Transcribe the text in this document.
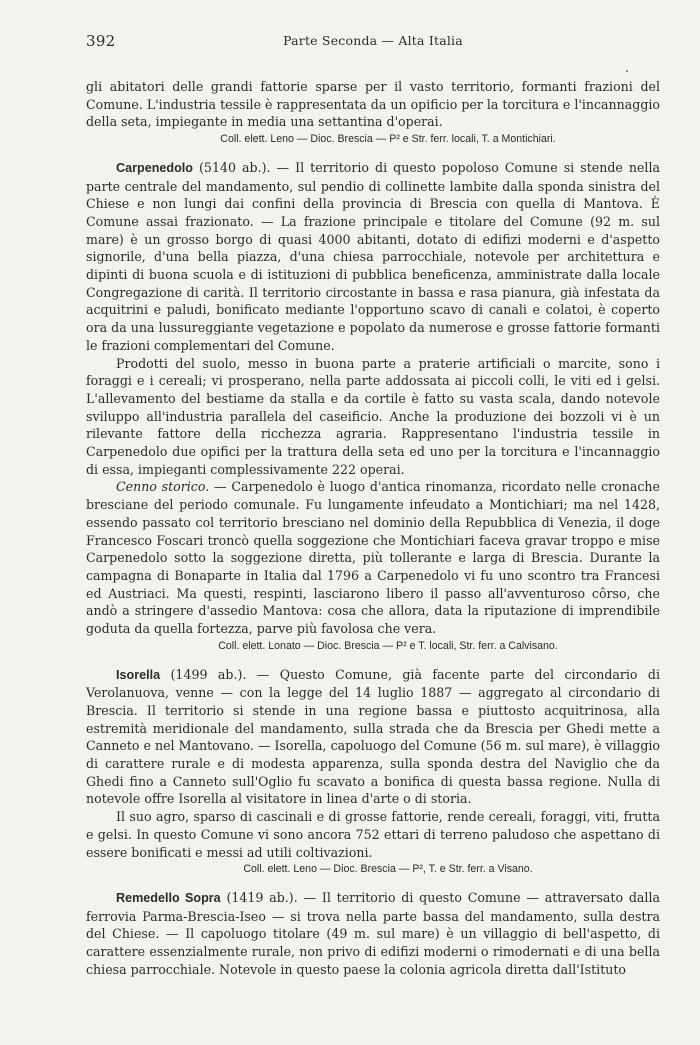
392	Parte Seconda — Alta Italia

gli abitatori delle grandi fattorie sparse per il vasto territorio, formanti frazioni del Comune. L'industria tessile è rappresentata da un opificio per la torcitura e l'incannaggio della seta, impiegante in media una settantina d'operai.

Coll. elett. Leno — Dioc. Brescia — P² e Str. ferr. locali, T. a Montichiari.

Carpenedolo (5140 ab.). — Il territorio di questo popoloso Comune si stende nella parte centrale del mandamento, sul pendio di collinette lambite dalla sponda sinistra del Chiese e non lungi dai confini della provincia di Brescia con quella di Mantova. È Comune assai frazionato. — La frazione principale e titolare del Comune (92 m. sul mare) è un grosso borgo di quasi 4000 abitanti, dotato di edifizi moderni e d'aspetto signorile, d'una bella piazza, d'una chiesa parrocchiale, notevole per architettura e dipinti di buona scuola e di istituzioni di pubblica beneficenza, amministrate dalla locale Congregazione di carità. Il territorio circostante in bassa e rasa pianura, già infestata da acquitrini e paludi, bonificato mediante l'opportuno scavo di canali e colatoi, è coperto ora da una lussureggiante vegetazione e popolato da numerose e grosse fattorie formanti le frazioni complementari del Comune.

Prodotti del suolo, messo in buona parte a praterie artificiali o marcite, sono i foraggi e i cereali; vi prosperano, nella parte addossata ai piccoli colli, le viti ed i gelsi. L'allevamento del bestiame da stalla e da cortile è fatto su vasta scala, dando notevole sviluppo all'industria parallela del caseificio. Anche la produzione dei bozzoli vi è un rilevante fattore della ricchezza agraria. Rappresentano l'industria tessile in Carpenedolo due opifici per la trattura della seta ed uno per la torcitura e l'incannaggio di essa, impieganti complessivamente 222 operai.

Cenno storico. — Carpenedolo è luogo d'antica rinomanza, ricordato nelle cronache bresciane del periodo comunale. Fu lungamente infeudato a Montichiari; ma nel 1428, essendo passato col territorio bresciano nel dominio della Repubblica di Venezia, il doge Francesco Foscari troncò quella soggezione che Montichiari faceva gravar troppo e mise Carpenedolo sotto la soggezione diretta, più tollerante e larga di Brescia. Durante la campagna di Bonaparte in Italia dal 1796 a Carpenedolo vi fu uno scontro tra Francesi ed Austriaci. Ma questi, respinti, lasciarono libero il passo all'avventuroso côrso, che andò a stringere d'assedio Mantova: cosa che allora, data la riputazione di imprendibile goduta da quella fortezza, parve più favolosa che vera.

Coll. elett. Lonato — Dioc. Brescia — P² e T. locali, Str. ferr. a Calvisano.

Isorella (1499 ab.). — Questo Comune, già facente parte del circondario di Verolanuova, venne — con la legge del 14 luglio 1887 — aggregato al circondario di Brescia. Il territorio si stende in una regione bassa e piuttosto acquitrinosa, alla estremità meridionale del mandamento, sulla strada che da Brescia per Ghedi mette a Canneto e nel Mantovano. — Isorella, capoluogo del Comune (56 m. sul mare), è villaggio di carattere rurale e di modesta apparenza, sulla sponda destra del Naviglio che da Ghedi fino a Canneto sull'Oglio fu scavato a bonifica di questa bassa regione. Nulla di notevole offre Isorella al visitatore in linea d'arte o di storia.

Il suo agro, sparso di cascinali e di grosse fattorie, rende cereali, foraggi, viti, frutta e gelsi. In questo Comune vi sono ancora 752 ettari di terreno paludoso che aspettano di essere bonificati e messi ad utili coltivazioni.

Coll. elett. Leno — Dioc. Brescia — P², T. e Str. ferr. a Visano.

Remedello Sopra (1419 ab.). — Il territorio di questo Comune — attraversato dalla ferrovia Parma-Brescia-Iseo — si trova nella parte bassa del mandamento, sulla destra del Chiese. — Il capoluogo titolare (49 m. sul mare) è un villaggio di bell'aspetto, di carattere essenzialmente rurale, non privo di edifizi moderni o rimodernati e di una bella chiesa parrocchiale. Notevole in questo paese la colonia agricola diretta dall'Istituto
